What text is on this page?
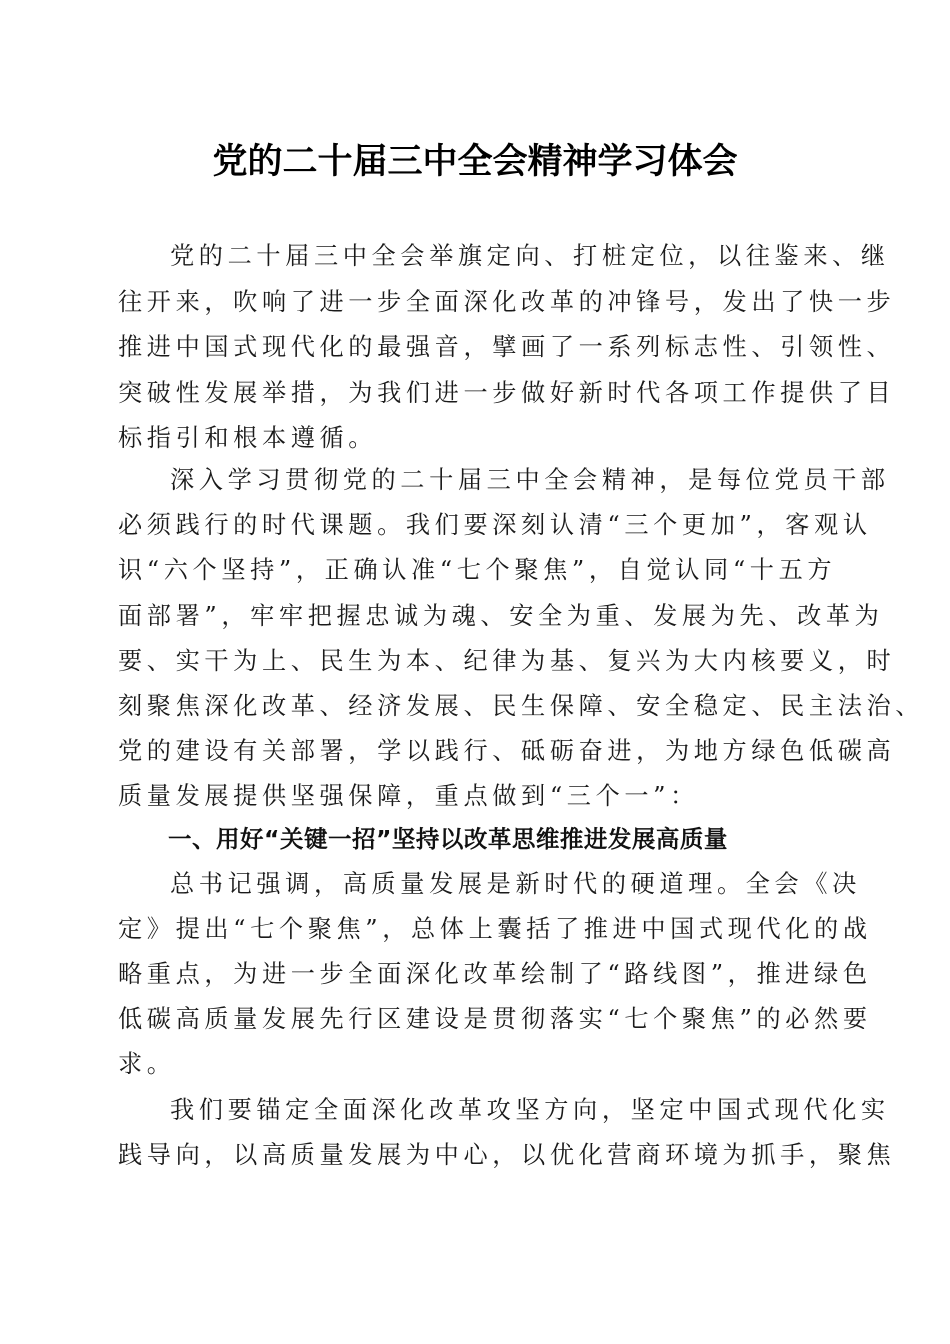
党的二十届三中全会精神学习体会
党的二十届三中全会举旗定向、打桩定位，以往鉴来、继
往开来，吹响了进一步全面深化改革的冲锋号，发出了快一步
推进中国式现代化的最强音，擘画了一系列标志性、引领性、
突破性发展举措，为我们进一步做好新时代各项工作提供了目
标指引和根本遵循。
深入学习贯彻党的二十届三中全会精神，是每位党员干部
必须践行的时代课题。我们要深刻认清“三个更加”，客观认
识“六个坚持”，正确认准“七个聚焦”，自觉认同“十五方
面部署”，牢牢把握忠诚为魂、安全为重、发展为先、改革为
要、实干为上、民生为本、纪律为基、复兴为大内核要义，时
刻聚焦深化改革、经济发展、民生保障、安全稳定、民主法治、
党的建设有关部署，学以践行、砥砺奋进，为地方绿色低碳高
质量发展提供坚强保障，重点做到“三个一”：
一、用好“关键一招”坚持以改革思维推进发展高质量
总书记强调，高质量发展是新时代的硬道理。全会《决
定》提出“七个聚焦”，总体上囊括了推进中国式现代化的战
略重点，为进一步全面深化改革绘制了“路线图”，推进绿色
低碳高质量发展先行区建设是贯彻落实“七个聚焦”的必然要
求。
我们要锚定全面深化改革攻坚方向，坚定中国式现代化实
践导向，以高质量发展为中心，以优化营商环境为抓手，聚焦
